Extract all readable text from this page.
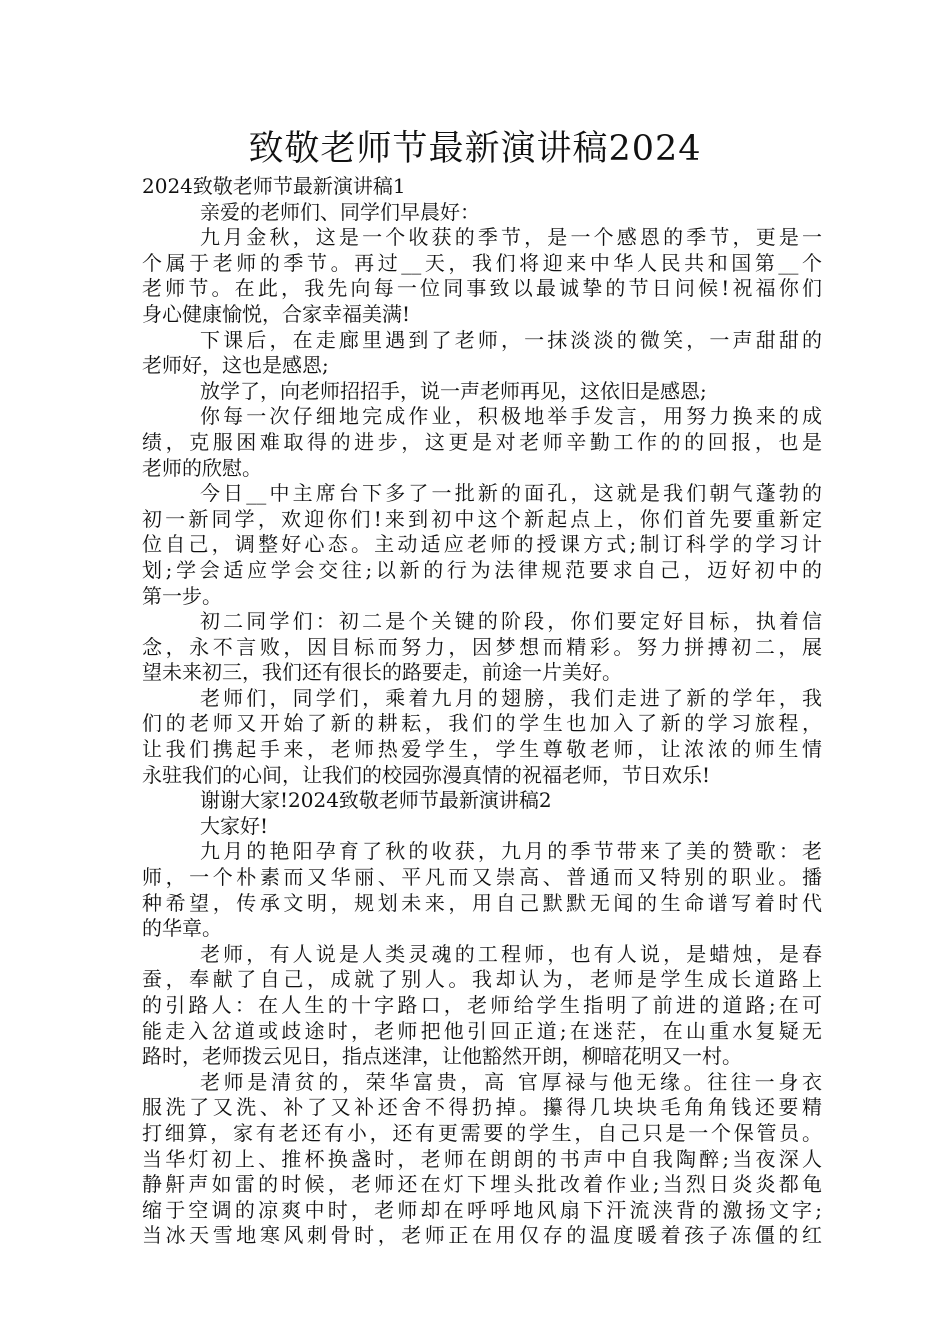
致敬老师节最新演讲稿2024
2024致敬老师节最新演讲稿1
亲爱的老师们、同学们早晨好：
九月金秋，这是一个收获的季节，是一个感恩的季节，更是一
个属于老师的季节。再过__天，我们将迎来中华人民共和国第__个
老师节。在此，我先向每一位同事致以最诚挚的节日问候!祝福你们
身心健康愉悦，合家幸福美满!
下课后，在走廊里遇到了老师，一抹淡淡的微笑，一声甜甜的
老师好，这也是感恩;
放学了，向老师招招手，说一声老师再见，这依旧是感恩;
你每一次仔细地完成作业，积极地举手发言，用努力换来的成
绩，克服困难取得的进步，这更是对老师辛勤工作的的回报，也是
老师的欣慰。
今日__中主席台下多了一批新的面孔，这就是我们朝气蓬勃的
初一新同学，欢迎你们!来到初中这个新起点上，你们首先要重新定
位自己，调整好心态。主动适应老师的授课方式;制订科学的学习计
划;学会适应学会交往;以新的行为法律规范要求自己，迈好初中的
第一步。
初二同学们：初二是个关键的阶段，你们要定好目标，执着信
念，永不言败，因目标而努力，因梦想而精彩。努力拼搏初二，展
望未来初三，我们还有很长的路要走，前途一片美好。
老师们，同学们，乘着九月的翅膀，我们走进了新的学年，我
们的老师又开始了新的耕耘，我们的学生也加入了新的学习旅程，
让我们携起手来，老师热爱学生，学生尊敬老师，让浓浓的师生情
永驻我们的心间，让我们的校园弥漫真情的祝福老师，节日欢乐!
谢谢大家!2024致敬老师节最新演讲稿2
大家好!
九月的艳阳孕育了秋的收获，九月的季节带来了美的赞歌：老
师，一个朴素而又华丽、平凡而又崇高、普通而又特别的职业。播
种希望，传承文明，规划未来，用自己默默无闻的生命谱写着时代
的华章。
老师，有人说是人类灵魂的工程师，也有人说，是蜡烛，是春
蚕，奉献了自己，成就了别人。我却认为，老师是学生成长道路上
的引路人：在人生的十字路口，老师给学生指明了前进的道路;在可
能走入岔道或歧途时，老师把他引回正道;在迷茫，在山重水复疑无
路时，老师拨云见日，指点迷津，让他豁然开朗，柳暗花明又一村。
老师是清贫的，荣华富贵，高 官厚禄与他无缘。往往一身衣
服洗了又洗、补了又补还舍不得扔掉。攥得几块块毛角角钱还要精
打细算，家有老还有小，还有更需要的学生，自己只是一个保管员。
当华灯初上、推杯换盏时，老师在朗朗的书声中自我陶醉;当夜深人
静鼾声如雷的时候，老师还在灯下埋头批改着作业;当烈日炎炎都龟
缩于空调的凉爽中时，老师却在呼呼地风扇下汗流浃背的激扬文字;
当冰天雪地寒风刺骨时，老师正在用仅存的温度暖着孩子冻僵的红
